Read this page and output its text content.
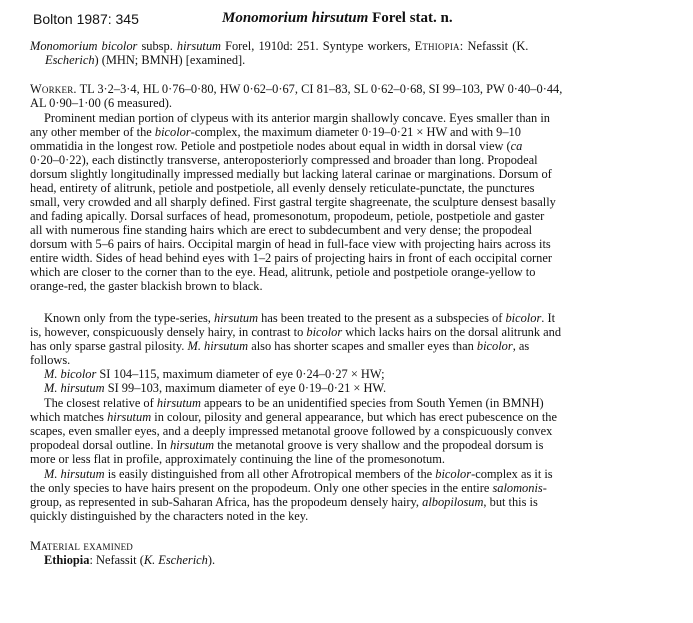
Bolton 1987: 345	Monomorium hirsutum Forel stat. n.
Monomorium bicolor subsp. hirsutum Forel, 1910d: 251. Syntype workers, Ethiopia: Nefassit (K.
Escherich) (MHN; BMNH) [examined].
Worker. TL 3·2–3·4, HL 0·76–0·80, HW 0·62–0·67, CI 81–83, SL 0·62–0·68, SI 99–103, PW 0·40–0·44,
AL 0·90–1·00 (6 measured).
Prominent median portion of clypeus with its anterior margin shallowly concave. Eyes smaller than in
any other member of the bicolor-complex, the maximum diameter 0·19–0·21 × HW and with 9–10
ommatidia in the longest row. Petiole and postpetiole nodes about equal in width in dorsal view (ca
0·20–0·22), each distinctly transverse, anteroposteriorly compressed and broader than long. Propodeal
dorsum slightly longitudinally impressed medially but lacking lateral carinae or marginations. Dorsum of
head, entirety of alitrunk, petiole and postpetiole, all evenly densely reticulate-punctate, the punctures
small, very crowded and all sharply defined. First gastral tergite shagreenate, the sculpture densest basally
and fading apically. Dorsal surfaces of head, promesonotum, propodeum, petiole, postpetiole and gaster
all with numerous fine standing hairs which are erect to subdecumbent and very dense; the propodeal
dorsum with 5–6 pairs of hairs. Occipital margin of head in full-face view with projecting hairs across its
entire width. Sides of head behind eyes with 1–2 pairs of projecting hairs in front of each occipital corner
which are closer to the corner than to the eye. Head, alitrunk, petiole and postpetiole orange-yellow to
orange-red, the gaster blackish brown to black.
Known only from the type-series, hirsutum has been treated to the present as a subspecies of bicolor. It
is, however, conspicuously densely hairy, in contrast to bicolor which lacks hairs on the dorsal alitrunk and
has only sparse gastral pilosity. M. hirsutum also has shorter scapes and smaller eyes than bicolor, as
follows.
M. bicolor SI 104–115, maximum diameter of eye 0·24–0·27 × HW;
M. hirsutum SI 99–103, maximum diameter of eye 0·19–0·21 × HW.
The closest relative of hirsutum appears to be an unidentified species from South Yemen (in BMNH)
which matches hirsutum in colour, pilosity and general appearance, but which has erect pubescence on the
scapes, even smaller eyes, and a deeply impressed metanotal groove followed by a conspicuously convex
propodeal dorsal outline. In hirsutum the metanotal groove is very shallow and the propodeal dorsum is
more or less flat in profile, approximately continuing the line of the promesonotum.
M. hirsutum is easily distinguished from all other Afrotropical members of the bicolor-complex as it is
the only species to have hairs present on the propodeum. Only one other species in the entire salomonis-
group, as represented in sub-Saharan Africa, has the propodeum densely hairy, albopilosum, but this is
quickly distinguished by the characters noted in the key.
Material examined
Ethiopia: Nefassit (K. Escherich).
